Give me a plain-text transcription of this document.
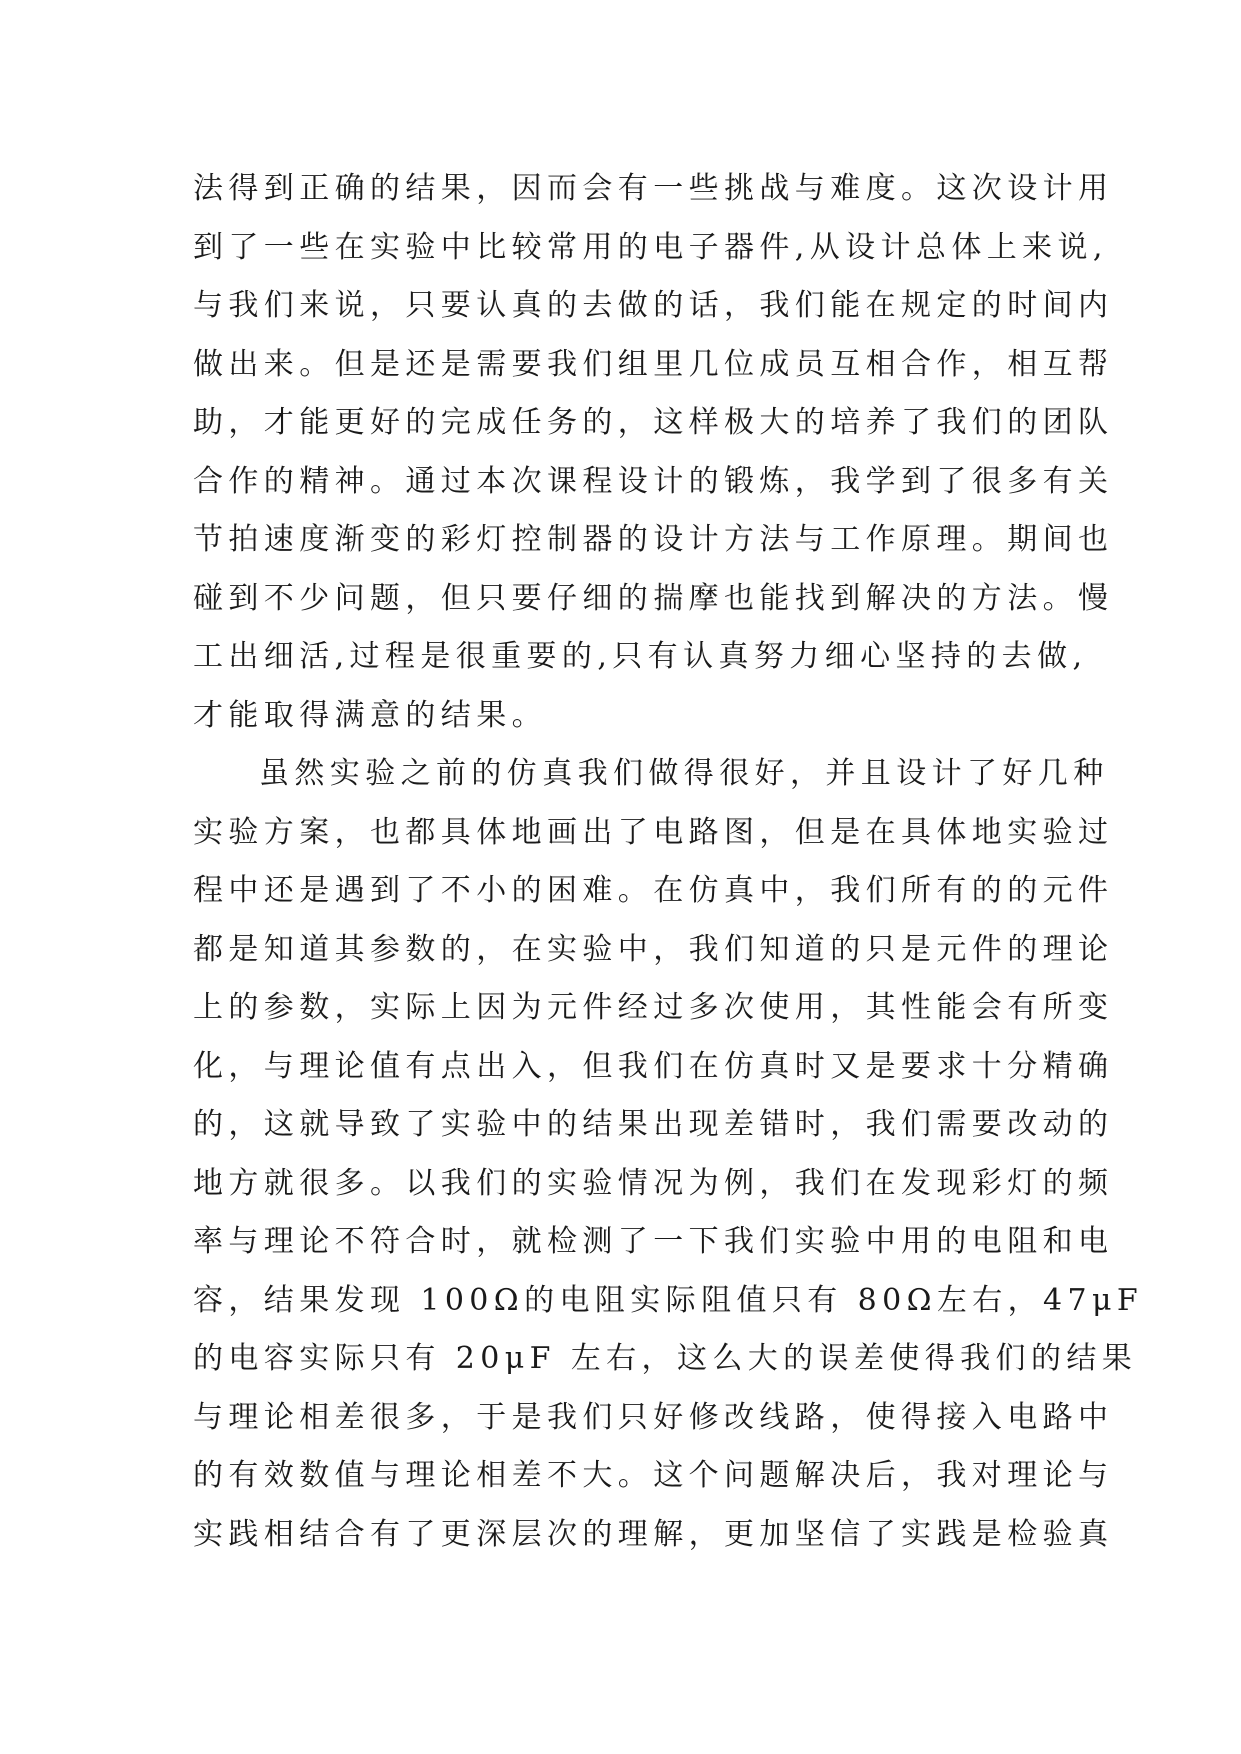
法得到正确的结果，因而会有一些挑战与难度。这次设计用
到了一些在实验中比较常用的电子器件,从设计总体上来说,
与我们来说，只要认真的去做的话，我们能在规定的时间内
做出来。但是还是需要我们组里几位成员互相合作，相互帮
助，才能更好的完成任务的，这样极大的培养了我们的团队
合作的精神。通过本次课程设计的锻炼，我学到了很多有关
节拍速度渐变的彩灯控制器的设计方法与工作原理。期间也
碰到不少问题，但只要仔细的揣摩也能找到解决的方法。慢
工出细活,过程是很重要的,只有认真努力细心坚持的去做,
才能取得满意的结果。
虽然实验之前的仿真我们做得很好，并且设计了好几种
实验方案，也都具体地画出了电路图，但是在具体地实验过
程中还是遇到了不小的困难。在仿真中，我们所有的的元件
都是知道其参数的，在实验中，我们知道的只是元件的理论
上的参数，实际上因为元件经过多次使用，其性能会有所变
化，与理论值有点出入，但我们在仿真时又是要求十分精确
的，这就导致了实验中的结果出现差错时，我们需要改动的
地方就很多。以我们的实验情况为例，我们在发现彩灯的频
率与理论不符合时，就检测了一下我们实验中用的电阻和电
容，结果发现 100Ω的电阻实际阻值只有 80Ω左右，47μF
的电容实际只有 20μF 左右，这么大的误差使得我们的结果
与理论相差很多，于是我们只好修改线路，使得接入电路中
的有效数值与理论相差不大。这个问题解决后，我对理论与
实践相结合有了更深层次的理解，更加坚信了实践是检验真
